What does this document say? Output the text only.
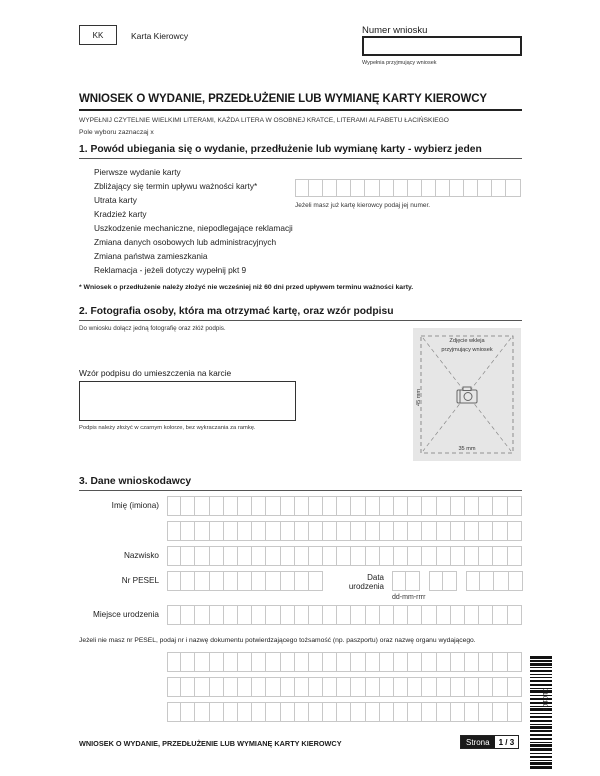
KK	Karta Kierowcy	Numer wniosku
Wypełnia przyjmujący wniosek
WNIOSEK O WYDANIE, PRZEDŁUŻENIE LUB WYMIANĘ KARTY KIEROWCY
WYPEŁNIJ CZYTELNIE WIELKIMI LITERAMI, KAŻDA LITERA W OSOBNEJ KRATCE, LITERAMI ALFABETU ŁACIŃSKIEGO
Pole wyboru zaznaczaj x
1. Powód ubiegania się o wydanie, przedłużenie lub wymianę karty - wybierz jeden
Pierwsze wydanie karty
Zbliżający się termin upływu ważności karty*
Utrata karty
Kradzież karty
Uszkodzenie mechaniczne, niepodlegające reklamacji
Zmiana danych osobowych lub administracyjnych
Zmiana państwa zamieszkania
Reklamacja - jeżeli dotyczy wypełnij pkt 9
Jeżeli masz już kartę kierowcy podaj jej numer.
* Wniosek o przedłużenie należy złożyć nie wcześniej niż 60 dni przed upływem terminu ważności karty.
2. Fotografia osoby, która ma otrzymać kartę, oraz wzór podpisu
Do wniosku dołącz jedną fotografię oraz złóż podpis.
Zdjęcie wkleja
przyjmujący wniosek
45 mm
35 mm
Wzór podpisu do umieszczenia na karcie
Podpis należy złożyć w czarnym kolorze, bez wykraczania za ramkę.
3. Dane wnioskodawcy
Imię (imiona)
Nazwisko
Nr PESEL	Data
urodzenia
dd-mm-rrrr
Miejsce urodzenia
Jeżeli nie masz nr PESEL, podaj nr i nazwę dokumentu potwierdzającego tożsamość (np. paszportu) oraz nazwę organu wydającego.
010101
WNIOSEK O WYDANIE, PRZEDŁUŻENIE LUB WYMIANĘ KARTY KIEROWCY	Strona	1 / 3
